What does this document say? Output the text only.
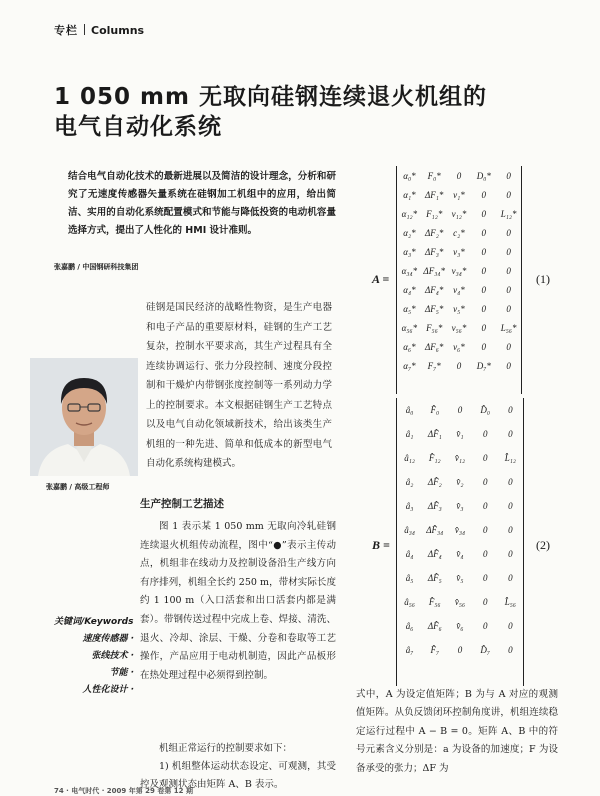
专栏 Columns
1 050 mm 无取向硅钢连续退火机组的
电气自动化系统
结合电气自动化技术的最新进展以及简洁的设计理念，分析和研究了无速度传感器矢量系统在硅钢加工机组中的应用，给出简洁、实用的自动化系统配置模式和节能与降低投资的电动机容量选择方式，提出了人性化的 HMI 设计准则。
张嘉鹏 / 中国钢研科技集团
张嘉鹏 / 高级工程师
硅钢是国民经济的战略性物资，是生产电器和电子产品的重要原材料，硅钢的生产工艺复杂，控制水平要求高，其生产过程具有全连续协调运行、张力分段控制、速度分段控制和干燥炉内带钢张度控制等一系列动力学上的控制要求。本文根据硅钢生产工艺特点以及电气自动化领域新技术，给出该类生产机组的一种先进、简单和低成本的新型电气自动化系统构建模式。
生产控制工艺描述
图 1 表示某 1 050 mm 无取向冷轧硅钢连续退火机组传动流程，图中“●”表示主传动点，机组非在线动力及控制设备沿生产线方向有序排列，机组全长约 250 m，带材实际长度约 1 100 m（入口活套和出口活套内都是满套）。带钢传送过程中完成上卷、焊接、清洗、退火、冷却、涂层、干燥、分卷和卷取等工艺操作，产品应用于电动机制造，因此产品板形在热处理过程中必须得到控制。
关键词/Keywords
速度传感器 ·
张线技术 ·
节能 ·
人性化设计 ·
机组正常运行的控制要求如下：
1) 机组整体运动状态设定、可观测，其受控及观测状态由矩阵 A、B 表示。
A =
α₀* F₀* 0 D₀* 0
α₁* ΔF₁* v₁* 0 0
α₁₂* F₁₂* v₁₂* 0 L₁₂*
α₂* ΔF₂* c₂* 0 0
α₃* ΔF₃* v₃* 0 0
α₃₄* ΔF₃₄* v₃₄* 0 0
α₄* ΔF₄* v₄* 0 0
α₅* ΔF₅* v₅* 0 0
α₅₆* F₅₆* v₅₆* 0 L₅₆*
α₆* ΔF₆* v₆* 0 0
α₇* F₇* 0 D₇* 0
(1)
B =
â₀ F̂₀ 0 D̂₀ 0
â₁ ΔF̂₁ v̂₁ 0 0
â₁₂ F̂₁₂ v̂₁₂ 0 L̂₁₂
â₂ ΔF̂₂ v̂₂ 0 0
â₃ ΔF̂₃ v̂₃ 0 0
â₃₄ ΔF̂₃₄ v̂₃₄ 0 0
â₄ ΔF̂₄ v̂₄ 0 0
â₅ ΔF̂₅ v̂₅ 0 0
â₅₆ F̂₅₆ v̂₅₆ 0 L̂₅₆
â₆ ΔF̂₆ v̂₆ 0 0
â₇ F̂₇ 0 D̂₇ 0
(2)
式中，A 为设定值矩阵；B 为与 A 对应的观测值矩阵。从负反馈闭环控制角度讲，机组连续稳定运行过程中 A − B = 0。矩阵 A、B 中的符号元素含义分别是：a 为设备的加速度；F 为设备承受的张力；ΔF 为
74 · 电气时代 · 2009 年第 29 卷第 12 期
